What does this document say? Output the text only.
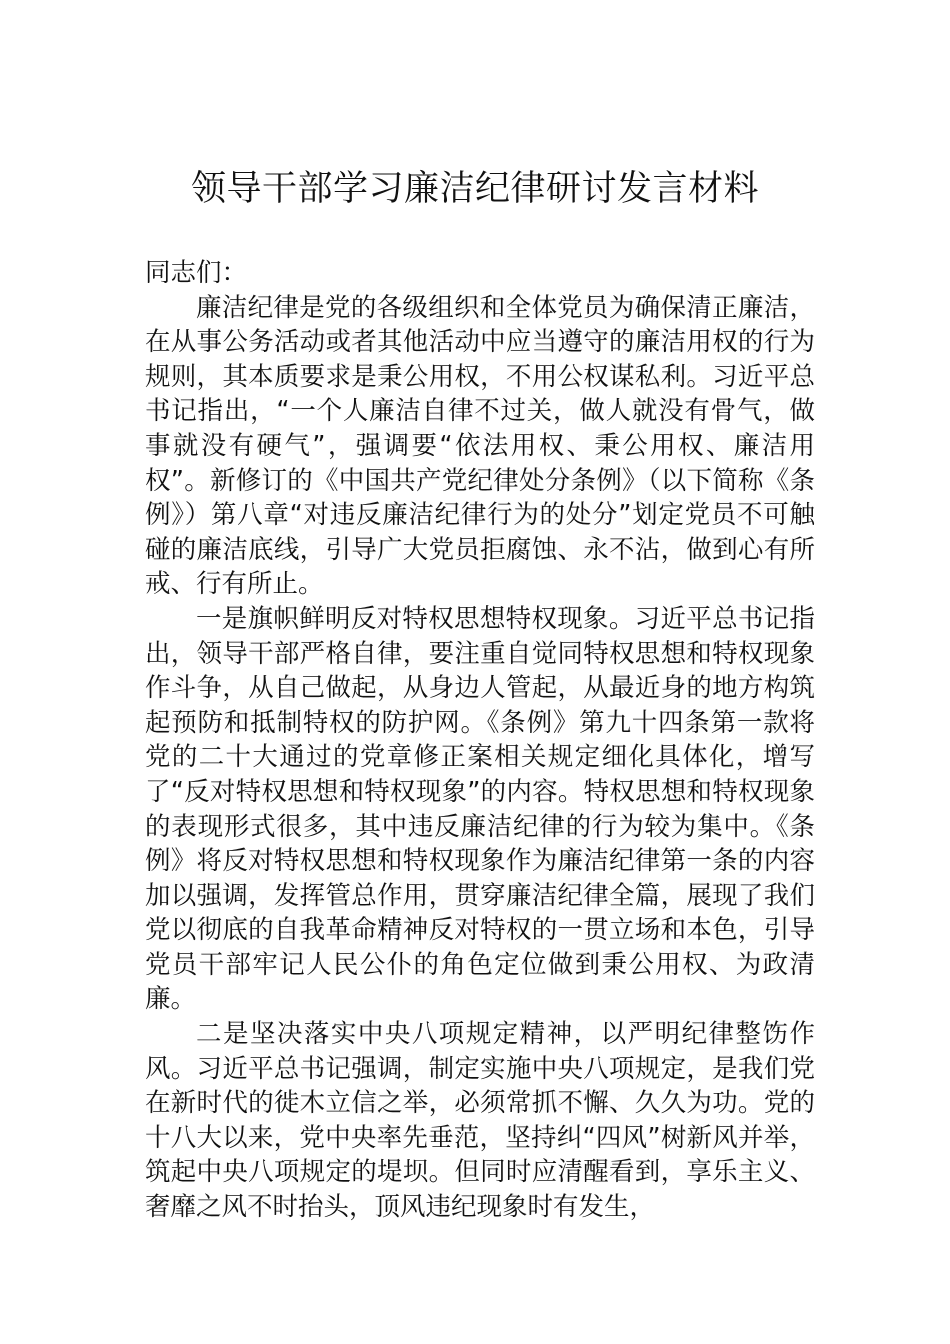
领导干部学习廉洁纪律研讨发言材料

同志们：

廉洁纪律是党的各级组织和全体党员为确保清正廉洁，在从事公务活动或者其他活动中应当遵守的廉洁用权的行为规则，其本质要求是秉公用权，不用公权谋私利。习近平总书记指出，“一个人廉洁自律不过关，做人就没有骨气，做事就没有硬气”，强调要“依法用权、秉公用权、廉洁用权”。新修订的《中国共产党纪律处分条例》（以下简称《条例》）第八章“对违反廉洁纪律行为的处分”划定党员不可触碰的廉洁底线，引导广大党员拒腐蚀、永不沾，做到心有所戒、行有所止。

一是旗帜鲜明反对特权思想特权现象。习近平总书记指出，领导干部严格自律，要注重自觉同特权思想和特权现象作斗争，从自己做起，从身边人管起，从最近身的地方构筑起预防和抵制特权的防护网。《条例》第九十四条第一款将党的二十大通过的党章修正案相关规定细化具体化，增写了“反对特权思想和特权现象”的内容。特权思想和特权现象的表现形式很多，其中违反廉洁纪律的行为较为集中。《条例》将反对特权思想和特权现象作为廉洁纪律第一条的内容加以强调，发挥管总作用，贯穿廉洁纪律全篇，展现了我们党以彻底的自我革命精神反对特权的一贯立场和本色，引导党员干部牢记人民公仆的角色定位做到秉公用权、为政清廉。

二是坚决落实中央八项规定精神，以严明纪律整饬作风。习近平总书记强调，制定实施中央八项规定，是我们党在新时代的徙木立信之举，必须常抓不懈、久久为功。党的十八大以来，党中央率先垂范，坚持纠“四风”树新风并举，筑起中央八项规定的堤坝。但同时应清醒看到，享乐主义、奢靡之风不时抬头，顶风违纪现象时有发生，
